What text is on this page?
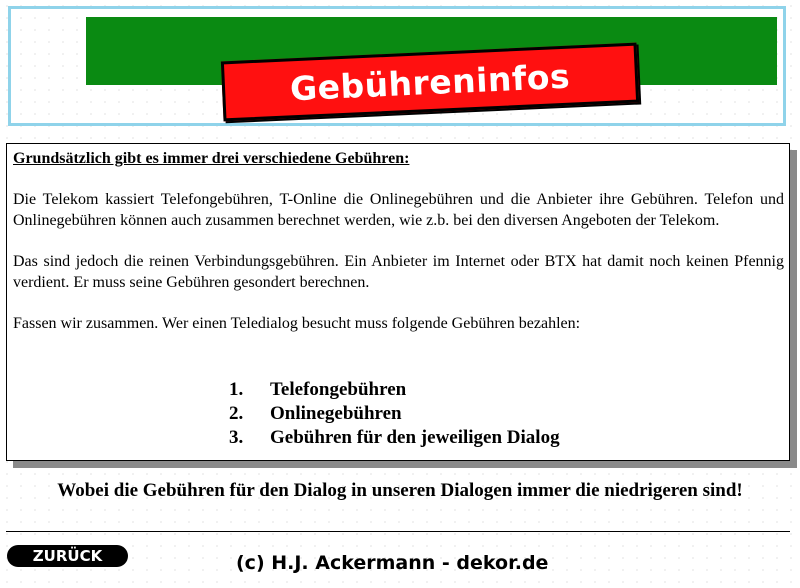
Gebühreninfos
Grundsätzlich gibt es immer drei verschiedene Gebühren:

Die Telekom kassiert Telefongebühren, T-Online die Onlinegebühren und die Anbieter ihre Gebühren. Telefon und Onlinegebühren können auch zusammen berechnet werden, wie z.b. bei den diversen Angeboten der Telekom.

Das sind jedoch die reinen Verbindungsgebühren. Ein Anbieter im Internet oder BTX hat damit noch keinen Pfennig verdient. Er muss seine Gebühren gesondert berechnen.

Fassen wir zusammen. Wer einen Teledialog besucht muss folgende Gebühren bezahlen:

1.	Telefongebühren
2.	Onlinegebühren
3.	Gebühren für den jeweiligen Dialog
Wobei die Gebühren für den Dialog in unseren Dialogen immer die niedrigeren sind!
ZURÜCK	(c) H.J. Ackermann - dekor.de
